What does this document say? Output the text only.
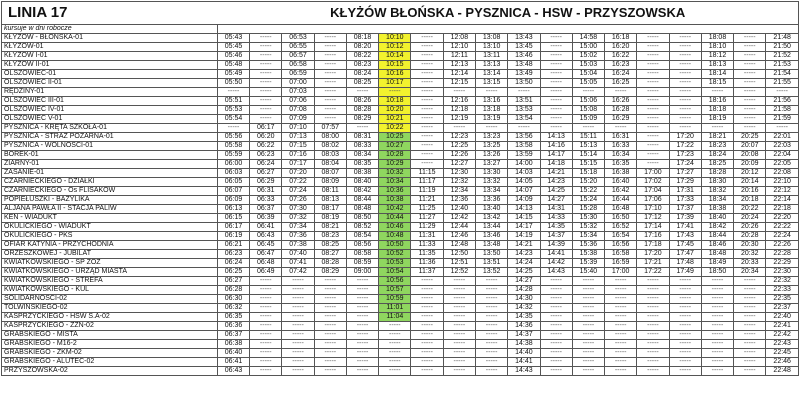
LINIA 17	KŁYŻÓW BŁOŃSKA - PYSZNICA - HSW - PRZYSZOWSKA																	
kursuje w dni robocze																		
KŁYŻÓW - BŁOŃSKA-01	05:43	-----	06:53	-----	08:18	10:10	-----	12:08	13:08	13:43	-----	14:58	16:18	-----	-----	18:08	-----	21:48
KŁYŻÓW-01	05:45	-----	06:55	-----	08:20	10:12	-----	12:10	13:10	13:45	-----	15:00	16:20	-----	-----	18:10	-----	21:50
KŁYŻÓW I-01	05:46	-----	06:57	-----	08:22	10:14	-----	12:11	13:11	13:46	-----	15:02	16:22	-----	-----	18:12	-----	21:52
KŁYŻÓW II-01	05:48	-----	06:58	-----	08:23	10:15	-----	12:13	13:13	13:48	-----	15:03	16:23	-----	-----	18:13	-----	21:53
OLSZOWIEC-01	05:49	-----	06:59	-----	08:24	10:16	-----	12:14	13:14	13:49	-----	15:04	16:24	-----	-----	18:14	-----	21:54
OLSZOWIEC II-01	05:50	-----	07:00	-----	08:25	10:17	-----	12:15	13:15	13:50	-----	15:05	16:25	-----	-----	18:15	-----	21:55
RĘDZINY-01	-----	-----	07:03	-----	-----	-----	-----	-----	-----	-----	-----	-----	-----	-----	-----	-----	-----	-----
OLSZOWIEC III-01	05:51	-----	07:06	-----	08:26	10:18	-----	12:16	13:16	13:51	-----	15:06	16:26	-----	-----	18:16	-----	21:56
OLSZOWIEC IV-01	05:53	-----	07:08	-----	08:28	10:20	-----	12:18	13:18	13:53	-----	15:08	16:28	-----	-----	18:18	-----	21:58
OLSZOWIEC V-01	05:54	-----	07:09	-----	08:29	10:21	-----	12:19	13:19	13:54	-----	15:09	16:29	-----	-----	18:19	-----	21:59
PYSZNICA - KRĘTA SZKOŁA-01	-----	06:17	07:10	07:57	-----	10:22	-----	-----	-----	-----	-----	-----	-----	-----	-----	-----	-----	-----
PYSZNICA - STRAŻ POŻARNA-01	05:56	06:20	07:13	08:00	08:31	10:25	-----	12:23	13:23	13:56	14:13	15:11	16:31	-----	17:20	18:21	20:25	22:01
PYSZNICA - WOLNOŚCI-01	05:58	06:22	07:15	08:02	08:33	10:27	-----	12:25	13:25	13:58	14:16	15:13	16:33	-----	17:22	18:23	20:07	22:03
BOREK-01	05:59	06:23	07:16	08:03	08:34	10:28	-----	12:26	13:26	13:59	14:17	15:14	16:34	-----	17:23	18:24	20:08	22:04
ZIARNY-01	06:00	06:24	07:17	08:04	08:35	10:29	-----	12:27	13:27	14:00	14:18	15:15	16:35	-----	17:24	18:25	20:09	22:05
ZASANIE-01	06:03	06:27	07:20	08:07	08:38	10:32	11:15	12:30	13:30	14:03	14:21	15:18	16:38	17:00	17:27	18:28	20:12	22:08
CZARNIECKIEGO - DZIAŁKI	06:05	06:29	07:22	08:09	08:40	10:34	11:17	12:32	13:32	14:05	14:23	15:20	16:40	17:02	17:29	18:30	20:14	22:10
CZARNIECKIEGO - Os FLISAKÓW	06:07	06:31	07:24	08:11	08:42	10:36	11:19	12:34	13:34	14:07	14:25	15:22	16:42	17:04	17:31	18:32	20:16	22:12
POPIEŁUSZKI - BAZYLIKA	06:09	06:33	07:26	08:13	08:44	10:38	11:21	12:36	13:36	14:09	14:27	15:24	16:44	17:06	17:33	18:34	20:18	22:14
ALJANA PAWŁA II - STACJA PALIW	06:13	06:37	07:30	08:17	08:48	10:42	11:25	12:40	13:40	14:13	14:31	15:28	16:48	17:10	17:37	18:38	20:22	22:18
KEN - WIADUKT	06:15	06:39	07:32	08:19	08:50	10:44	11:27	12:42	13:42	14:15	14:33	15:30	16:50	17:12	17:39	18:40	20:24	22:20
OKULICKIEGO - WIADUKT	06:17	06:41	07:34	08:21	08:52	10:46	11:29	12:44	13:44	14:17	14:35	15:32	16:52	17:14	17:41	18:42	20:26	22:22
OKULICKIEGO - PKS	06:19	06:43	07:36	08:23	08:54	10:48	11:31	12:46	13:46	14:19	14:37	15:34	16:54	17:16	17:43	18:44	20:28	22:24
OFIAR KATYNIA - PRZYCHODNIA	06:21	06:45	07:38	08:25	08:56	10:50	11:33	12:48	13:48	14:21	14:39	15:36	16:56	17:18	17:45	18:46	20:30	22:26
ORZESZKOWEJ - JUBILAT	06:23	06:47	07:40	08:27	08:58	10:52	11:35	12:50	13:50	14:23	14:41	15:38	16:58	17:20	17:47	18:48	20:32	22:28
KWIATKOWSKIEGO - SP ZOZ	06:24	06:48	07:41	08:28	08:59	10:53	11:36	12:51	13:51	14:24	14:42	15:39	16:59	17:21	17:48	18:49	20:33	22:29
KWIATKOWSKIEGO - URZĄD MIASTA	06:25	06:49	07:42	08:29	09:00	10:54	11:37	12:52	13:52	14:25	14:43	15:40	17:00	17:22	17:49	18:50	20:34	22:30
KWIATKOWSKIEGO - STREFA	06:27	-----	-----	-----	-----	10:56	-----	-----	-----	14:27	-----	-----	-----	-----	-----	-----	-----	22:32
KWIATKOWSKIEGO - KUL	06:28	-----	-----	-----	-----	10:57	-----	-----	-----	14:28	-----	-----	-----	-----	-----	-----	-----	22:33
SOLIDARNOŚCI-02	06:30	-----	-----	-----	-----	10:59	-----	-----	-----	14:30	-----	-----	-----	-----	-----	-----	-----	22:35
TOLWIŃSKIEGO-02	06:32	-----	-----	-----	-----	11:01	-----	-----	-----	14:32	-----	-----	-----	-----	-----	-----	-----	22:37
KASPRZYCKIEGO - HSW S.A-02	06:35	-----	-----	-----	-----	11:04	-----	-----	-----	14:35	-----	-----	-----	-----	-----	-----	-----	22:40
KASPRZYCKIEGO - ZZN-02	06:36	-----	-----	-----	-----	-----	-----	-----	-----	14:36	-----	-----	-----	-----	-----	-----	-----	22:41
GRABSKIEGO - MISTA	06:37	-----	-----	-----	-----	-----	-----	-----	-----	14:37	-----	-----	-----	-----	-----	-----	-----	22:42
GRABSKIEGO - M16-2	06:38	-----	-----	-----	-----	-----	-----	-----	-----	14:38	-----	-----	-----	-----	-----	-----	-----	22:43
GRABSKIEGO - ZKM-02	06:40	-----	-----	-----	-----	-----	-----	-----	-----	14:40	-----	-----	-----	-----	-----	-----	-----	22:45
GRABSKIEGO - ALUTEC-02	06:41	-----	-----	-----	-----	-----	-----	-----	-----	14:41	-----	-----	-----	-----	-----	-----	-----	22:46
PRZYSZOWSKA-02	06:43	-----	-----	-----	-----	-----	-----	-----	-----	14:43	-----	-----	-----	-----	-----	-----	-----	22:48
